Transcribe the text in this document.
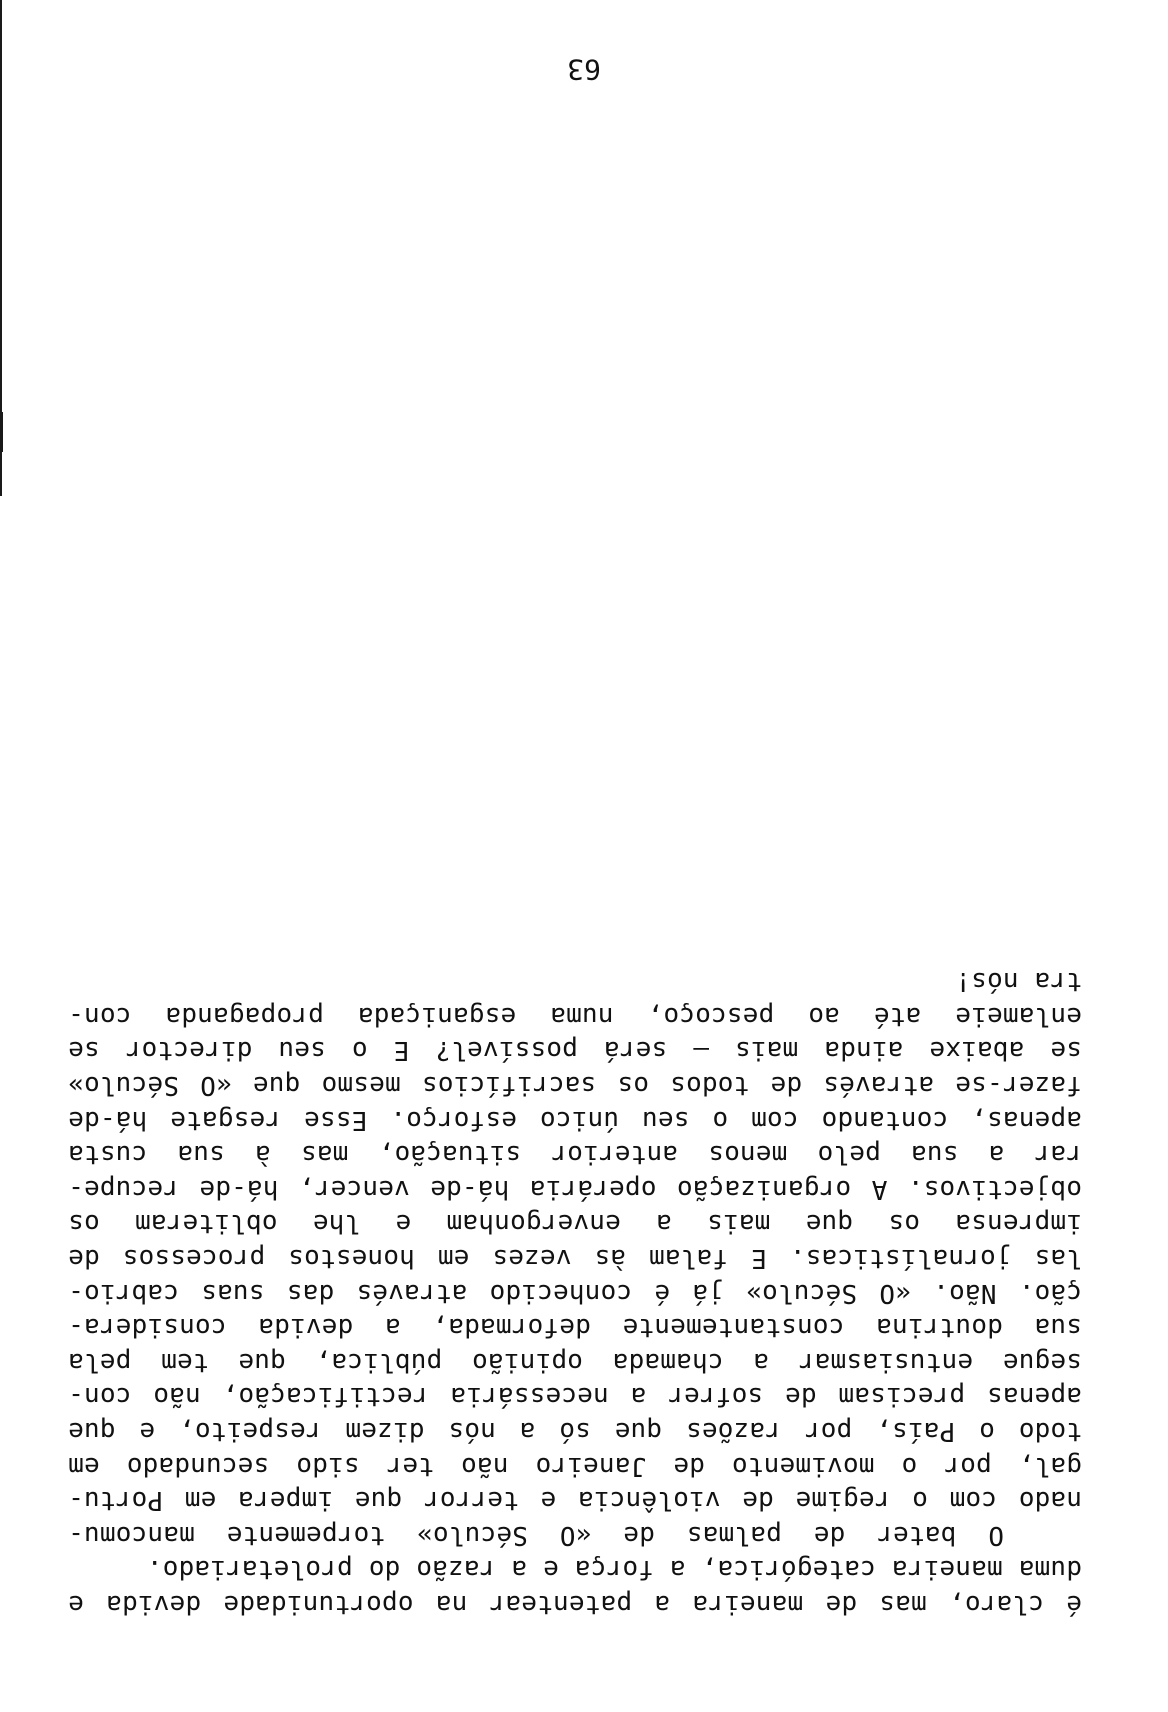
é claro, mas de maneira a patentear na oportunidade devida e
duma maneira categórica, a força e a razão do proletariado.
O bater de palmas de «O Século» torpemente mancomu-
nado com o regime de violência e terror que impera em Portu-
gal, por o movimento de Janeiro não ter sido secundado em
todo o País, por razões que só a nós dizem respeito, e que
apenas precisam de sofrer a necessária rectificação, não con-
segue entusiasmar a chamada opinião pública, que tem pela
sua doutrina constantemente deformada, a devida considera-
ção. Não. «O Século» já é conhecido através das suas cabrio-
las jornalísticas. E falam às vezes em honestos processos de
imprensa os que mais a envergonham e lhe obliteram os
objectivos. A organização operária há-de vencer, há-de recupe-
rar a sua pelo menos anterior situação, mas à sua custa
apenas, contando com o seu único esforço. Esse resgate há-de
fazer-se através de todos os sacrifícios mesmo que «O Século»
se abaixe ainda mais — será possível? E o seu director se
enlameie até ao pescoço, numa esganiçada propaganda con-
tra nós!
63
